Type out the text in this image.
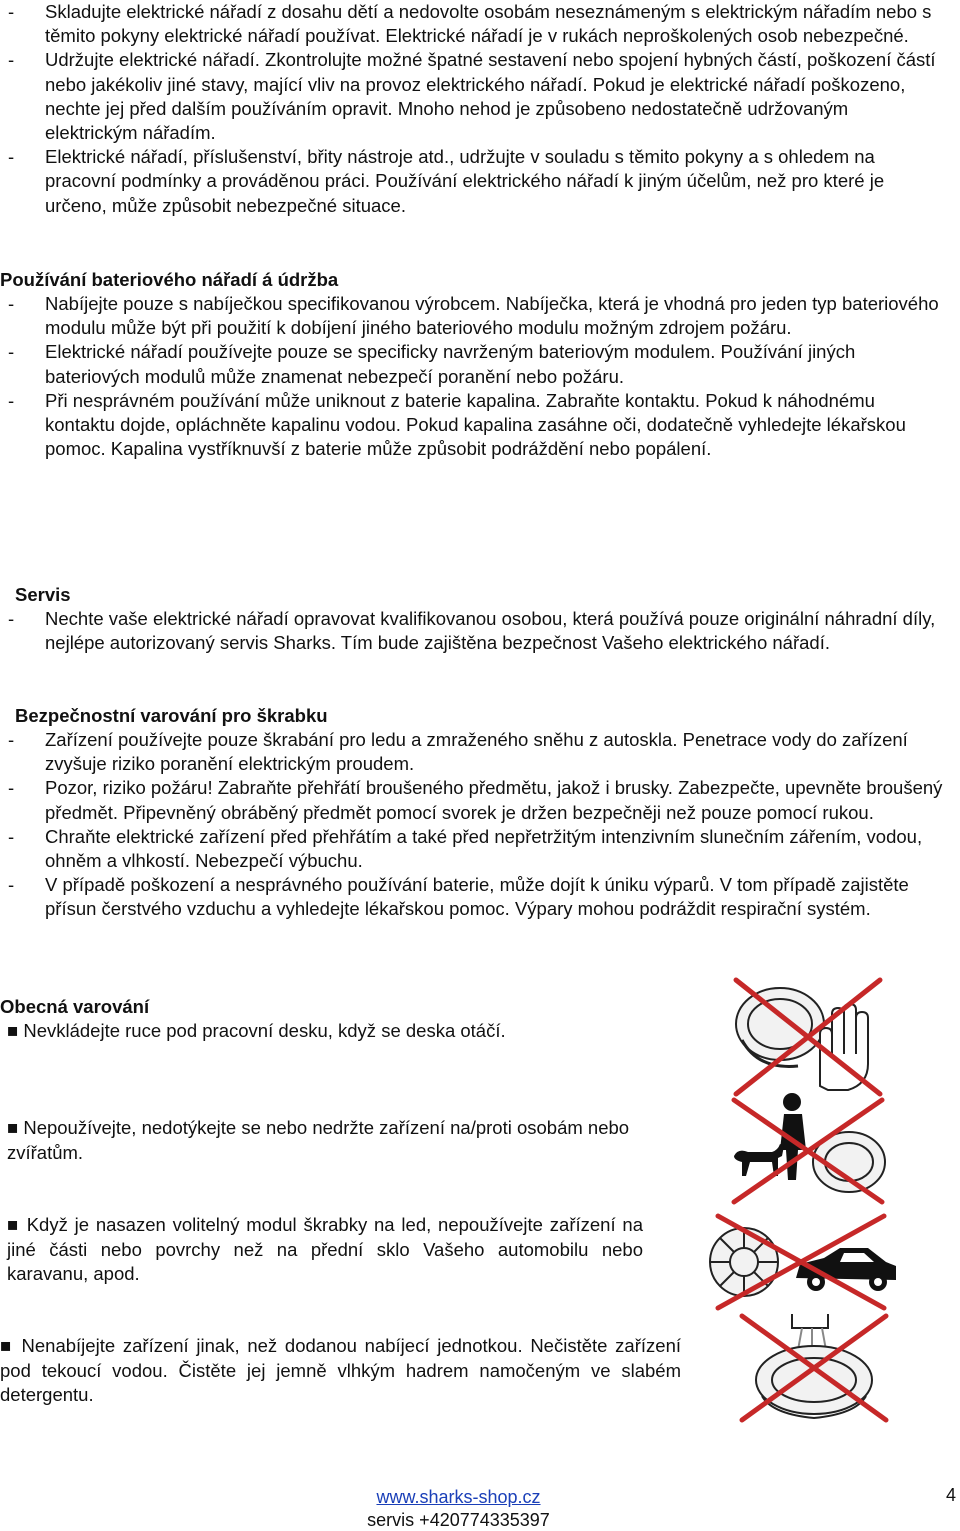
- Skladujte elektrické nářadí z dosahu dětí a nedovolte osobám neseznámeným s elektrickým nářadím nebo s těmito pokyny elektrické nářadí používat. Elektrické nářadí je v rukách neproškolených osob nebezpečné.
- Udržujte elektrické nářadí. Zkontrolujte možné špatné sestavení nebo spojení hybných částí, poškození částí nebo jakékoliv jiné stavy, mající vliv na provoz elektrického nářadí. Pokud je elektrické nářadí poškozeno, nechte jej před dalším používáním opravit. Mnoho nehod je způsobeno nedostatečně udržovaným elektrickým nářadím.
- Elektrické nářadí, příslušenství, břity nástroje atd., udržujte v souladu s těmito pokyny a s ohledem na pracovní podmínky a prováděnou práci. Používání elektrického nářadí k jiným účelům, než pro které je určeno, může způsobit nebezpečné situace.
Používání bateriového nářadí á údržba
- Nabíjejte pouze s nabíječkou specifikovanou výrobcem. Nabíječka, která je vhodná pro jeden typ bateriového modulu může být při použití k dobíjení jiného bateriového modulu možným zdrojem požáru.
- Elektrické nářadí používejte pouze se specificky navrženým bateriovým modulem. Používání jiných bateriových modulů může znamenat nebezpečí poranění nebo požáru.
- Při nesprávném používání může uniknout z baterie kapalina. Zabraňte kontaktu. Pokud k náhodnému kontaktu dojde, opláchněte kapalinu vodou. Pokud kapalina zasáhne oči, dodatečně vyhledejte lékařskou pomoc. Kapalina vystříknuvší z baterie může způsobit podráždění nebo popálení.
Servis
- Nechte vaše elektrické nářadí opravovat kvalifikovanou osobou, která používá pouze originální náhradní díly, nejlépe autorizovaný servis Sharks. Tím bude zajištěna bezpečnost Vašeho elektrického nářadí.
Bezpečnostní varování pro škrabku
- Zařízení používejte pouze škrabání pro ledu a zmraženého sněhu z autoskla. Penetrace vody do zařízení zvyšuje riziko poranění elektrickým proudem.
- Pozor, riziko požáru! Zabraňte přehřátí broušeného předmětu, jakož i brusky. Zabezpečte, upevněte broušený předmět. Připevněný obráběný předmět pomocí svorek je držen bezpečněji než pouze pomocí rukou.
- Chraňte elektrické zařízení před přehřátím a také před nepřetržitým intenzivním slunečním zářením, vodou, ohněm a vlhkostí. Nebezpečí výbuchu.
- V případě poškození a nesprávného používání baterie, může dojít k úniku výparů. V tom případě zajistěte přísun čerstvého vzduchu a vyhledejte lékařskou pomoc. Výpary mohou podráždit respirační systém.
Obecná varování
■ Nevkládejte ruce pod pracovní desku, když se deska otáčí.
■ Nepoužívejte, nedotýkejte se nebo nedržte zařízení na/proti osobám nebo zvířatům.
■ Když je nasazen volitelný modul škrabky na led, nepoužívejte zařízení na jiné části nebo povrchy než na přední sklo Vašeho automobilu nebo karavanu, apod.
■ Nenabíjejte zařízení jinak, než dodanou nabíjecí jednotkou. Nečistěte zařízení pod tekoucí vodou. Čistěte jej jemně vlhkým hadrem namočeným ve slabém detergentu.
www.sharks-shop.cz
servis +420774335397
4
